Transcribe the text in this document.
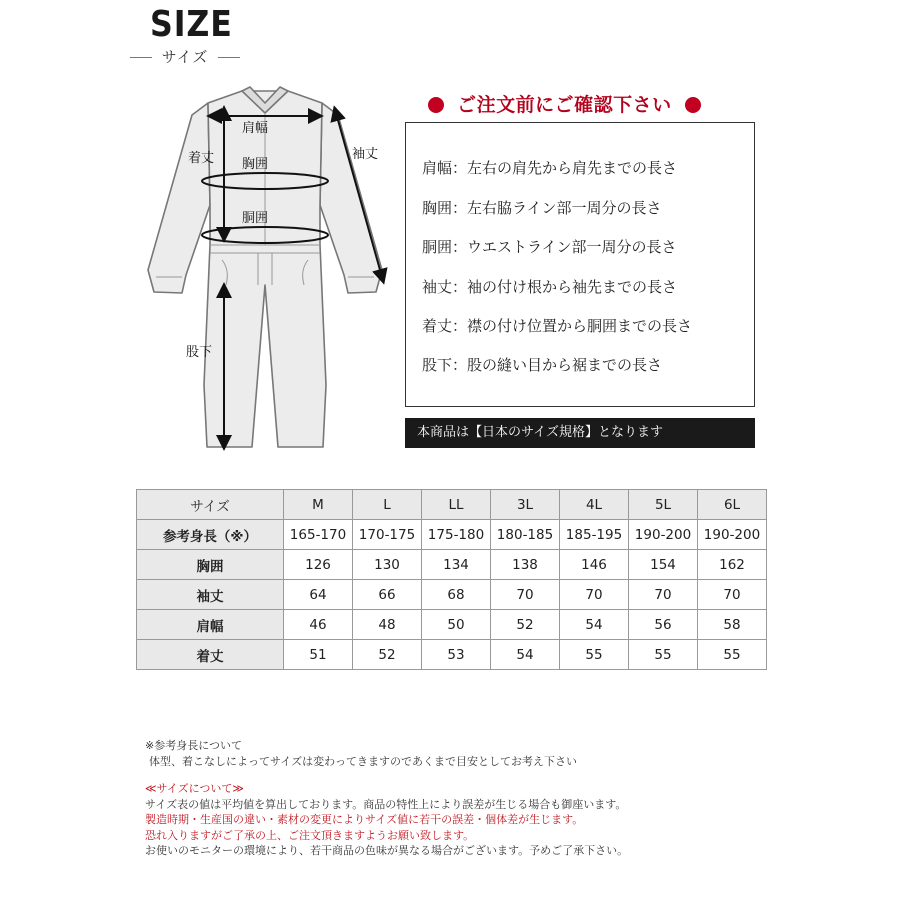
SIZE
サイズ
肩幅
着丈 胸囲
袖丈
胴囲
股下
ご注文前にご確認下さい
肩幅：左右の肩先から肩先までの長さ
胸囲：左右脇ライン部一周分の長さ
胴囲：ウエストライン部一周分の長さ
袖丈：袖の付け根から袖先までの長さ
着丈：襟の付け位置から胴囲までの長さ
股下：股の縫い目から裾までの長さ
本商品は【日本のサイズ規格】となります
サイズ	M	L	LL	3L	4L	5L	6L
参考身長（※）	165-170	170-175	175-180	180-185	185-195	190-200	190-200
胸囲	126	130	134	138	146	154	162
袖丈	64	66	68	70	70	70	70
肩幅	46	48	50	52	54	56	58
着丈	51	52	53	54	55	55	55

※参考身長について

体型、着こなしによってサイズは変わってきますのであくまで目安としてお考え下さい

≪サイズについて≫

サイズ表の値は平均値を算出しております。商品の特性上により誤差が生じる場合も御座います。

製造時期・生産国の違い・素材の変更によりサイズ値に若干の誤差・個体差が生じます。

恐れ入りますがご了承の上、ご注文頂きますようお願い致します。

お使いのモニターの環境により、若干商品の色味が異なる場合がございます。予めご了承下さい。
